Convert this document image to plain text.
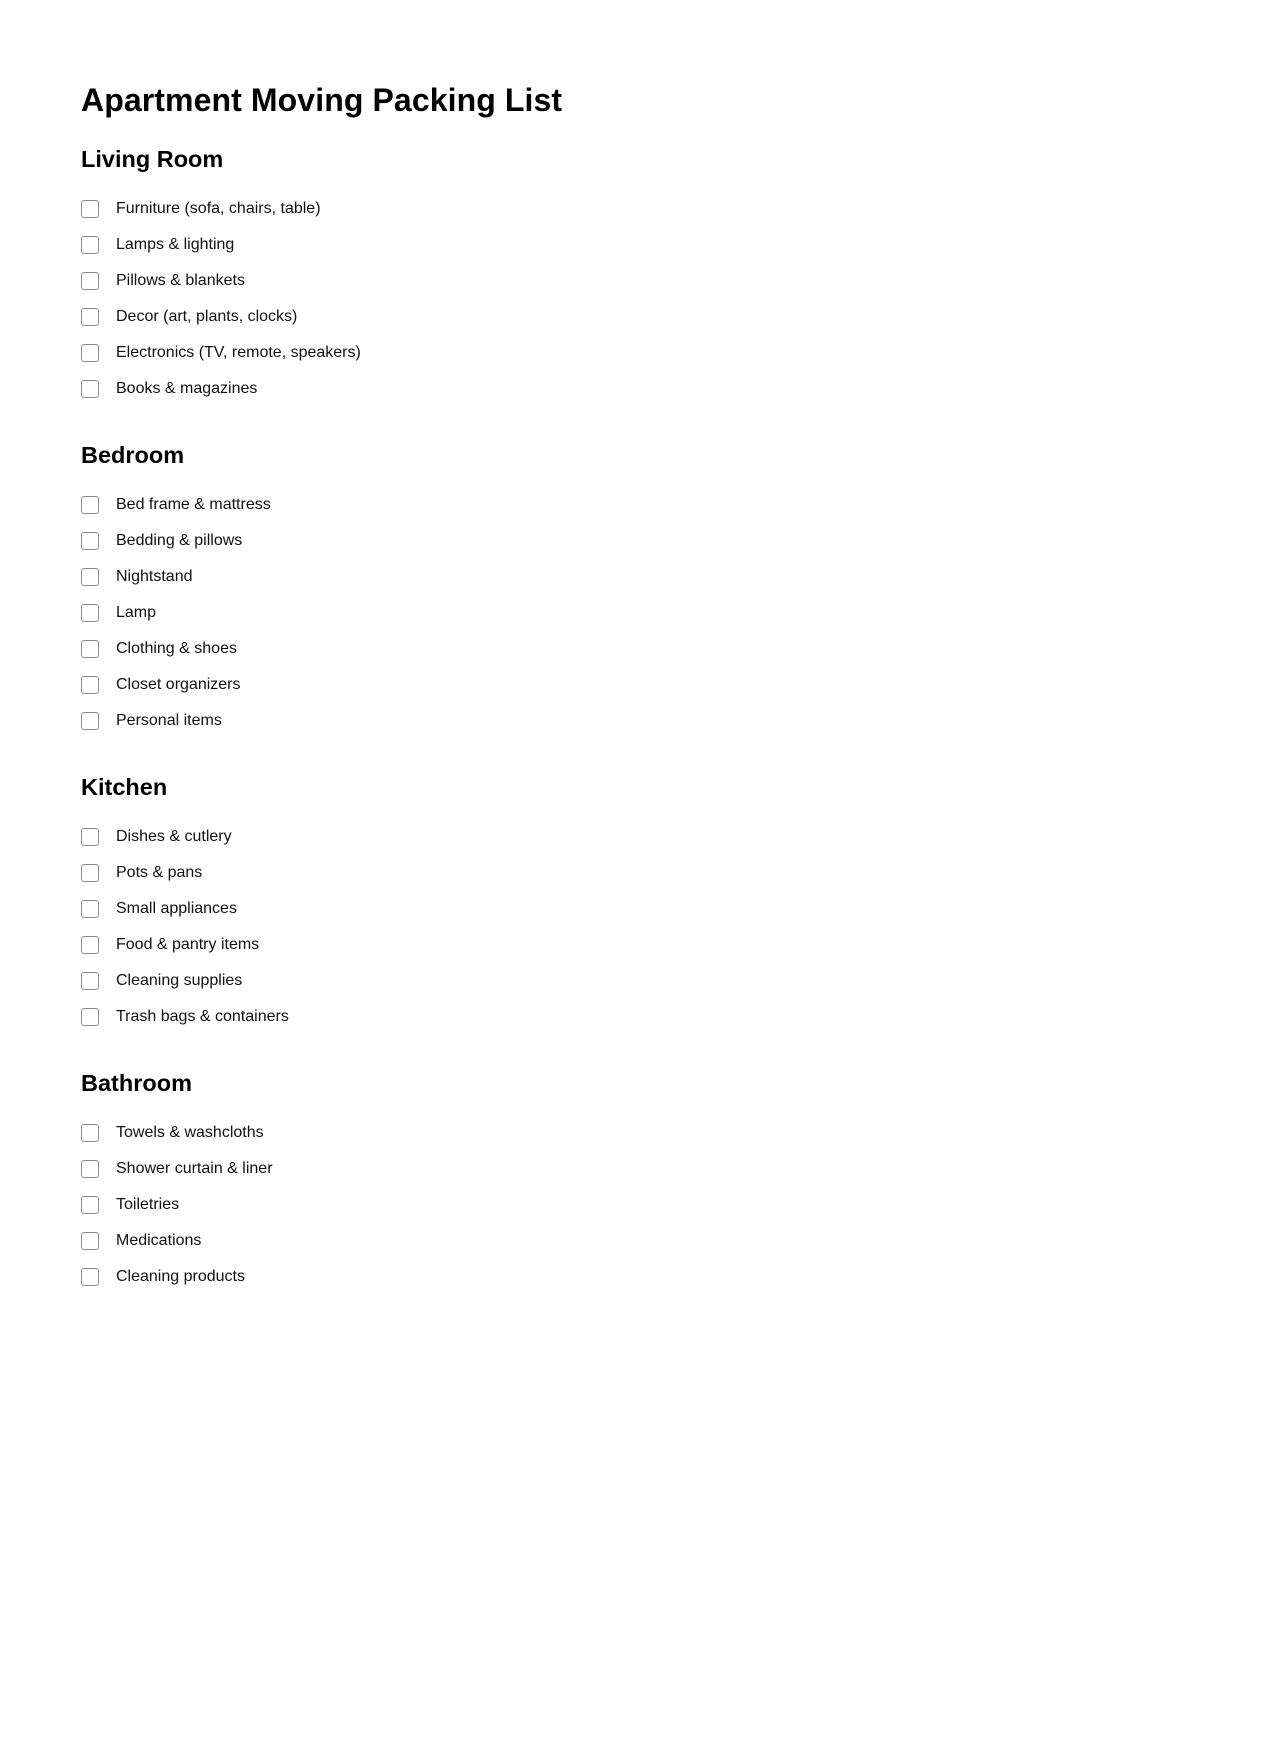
Apartment Moving Packing List
Living Room
Furniture (sofa, chairs, table)
Lamps & lighting
Pillows & blankets
Decor (art, plants, clocks)
Electronics (TV, remote, speakers)
Books & magazines
Bedroom
Bed frame & mattress
Bedding & pillows
Nightstand
Lamp
Clothing & shoes
Closet organizers
Personal items
Kitchen
Dishes & cutlery
Pots & pans
Small appliances
Food & pantry items
Cleaning supplies
Trash bags & containers
Bathroom
Towels & washcloths
Shower curtain & liner
Toiletries
Medications
Cleaning products
